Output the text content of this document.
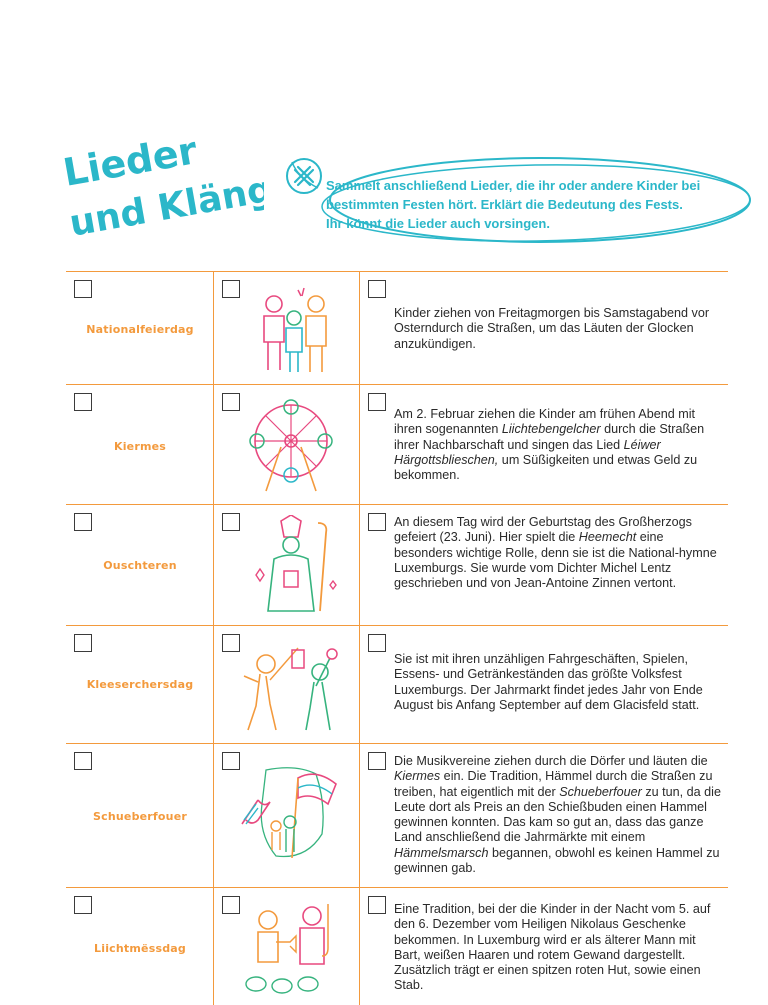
Lieder
und Klänge Sammelt anschließend Lieder, die ihr oder andere Kinder bei
bestimmten Festen hört. Erklärt die Bedeutung des Fests.
Ihr könnt die Lieder auch vorsingen.
Nationalfeierdag
Kinder ziehen von Freitagmorgen bis Samstagabend vor Osterndurch die Straßen, um das Läuten der Glocken anzukündigen.
Kiermes
Am 2. Februar ziehen die Kinder am frühen Abend mit ihren sogenannten Liichtebengelcher durch die Straßen ihrer Nachbarschaft und singen das Lied Léiwer Härgottsblieschen, um Süßigkeiten und etwas Geld zu bekommen.
Ouschteren
An diesem Tag wird der Geburtstag des Großherzogs gefeiert (23. Juni). Hier spielt die Heemecht eine besonders wichtige Rolle, denn sie ist die National-hymne Luxemburgs. Sie wurde vom Dichter Michel Lentz geschrieben und von Jean-Antoine Zinnen vertont.
Kleeserchersdag
Sie ist mit ihren unzähligen Fahrgeschäften, Spielen, Essens- und Getränkeständen das größte Volksfest Luxemburgs. Der Jahrmarkt findet jedes Jahr von Ende August bis Anfang September auf dem Glacisfeld statt.
Schueberfouer
Die Musikvereine ziehen durch die Dörfer und läuten die Kiermes ein. Die Tradition, Hämmel durch die Straßen zu treiben, hat eigentlich mit der Schueberfouer zu tun, da die Leute dort als Preis an den Schießbuden einen Hammel gewinnen konnten. Das kam so gut an, dass das ganze Land anschließend die Jahrmärkte mit einem Hämmelsmarsch begannen, obwohl es keinen Hammel zu gewinnen gab.
Liichtmëssdag
Eine Tradition, bei der die Kinder in der Nacht vom 5. auf den 6. Dezember vom Heiligen Nikolaus Geschenke bekommen. In Luxemburg wird er als älterer Mann mit Bart, weißen Haaren und rotem Gewand dargestellt. Zusätzlich trägt er einen spitzen roten Hut, sowie einen Stab.
